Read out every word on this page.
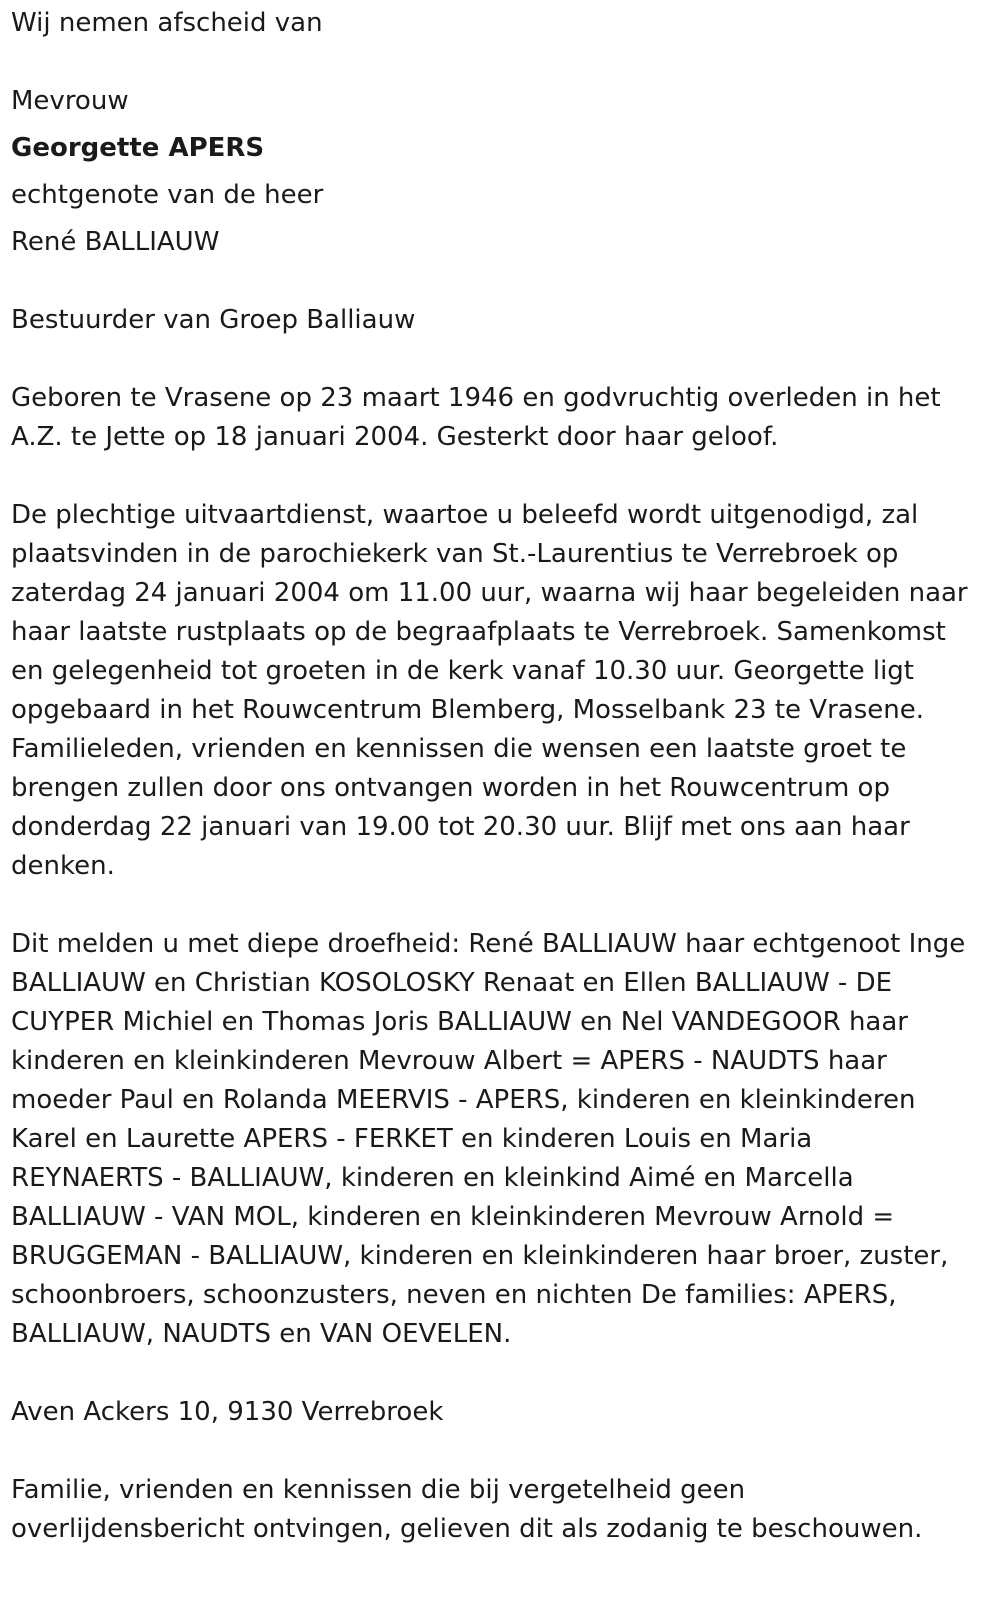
Wij nemen afscheid van

Mevrouw

Georgette APERS

echtgenote van de heer

René BALLIAUW

Bestuurder van Groep Balliauw

Geboren te Vrasene op 23 maart 1946 en godvruchtig overleden in het A.Z. te Jette op 18 januari 2004. Gesterkt door haar geloof.

De plechtige uitvaartdienst, waartoe u beleefd wordt uitgenodigd, zal plaatsvinden in de parochiekerk van St.-Laurentius te Verrebroek op zaterdag 24 januari 2004 om 11.00 uur, waarna wij haar begeleiden naar haar laatste rustplaats op de begraafplaats te Verrebroek. Samenkomst en gelegenheid tot groeten in de kerk vanaf 10.30 uur. Georgette ligt opgebaard in het Rouwcentrum Blemberg, Mosselbank 23 te Vrasene. Familieleden, vrienden en kennissen die wensen een laatste groet te brengen zullen door ons ontvangen worden in het Rouwcentrum op donderdag 22 januari van 19.00 tot 20.30 uur. Blijf met ons aan haar denken.

Dit melden u met diepe droefheid: René BALLIAUW haar echtgenoot Inge BALLIAUW en Christian KOSOLOSKY Renaat en Ellen BALLIAUW - DE CUYPER Michiel en Thomas Joris BALLIAUW en Nel VANDEGOOR haar kinderen en kleinkinderen Mevrouw Albert = APERS - NAUDTS haar moeder Paul en Rolanda MEERVIS - APERS, kinderen en kleinkinderen Karel en Laurette APERS - FERKET en kinderen Louis en Maria REYNAERTS - BALLIAUW, kinderen en kleinkind Aimé en Marcella BALLIAUW - VAN MOL, kinderen en kleinkinderen Mevrouw Arnold = BRUGGEMAN - BALLIAUW, kinderen en kleinkinderen haar broer, zuster, schoonbroers, schoonzusters, neven en nichten De families: APERS, BALLIAUW, NAUDTS en VAN OEVELEN.

Aven Ackers 10, 9130 Verrebroek

Familie, vrienden en kennissen die bij vergetelheid geen overlijdensbericht ontvingen, gelieven dit als zodanig te beschouwen.
